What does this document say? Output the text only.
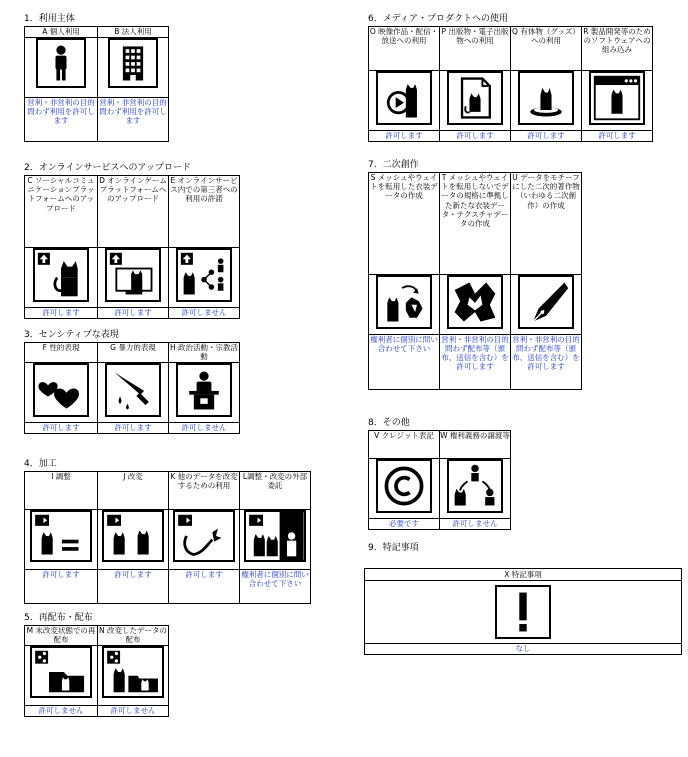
1．利用主体
A 個人利用	B 法人利用

営利・非営利の目的問わず利用を許可します	営利・非営利の目的問わず利用を許可します
2．オンラインサービスへのアップロード
C ソーシャルコミュニケーションプラットフォームへのアップロード	D オンラインゲームプラットフォームへのアップロード	E オンラインサービス内での第三者への利用の許諾

許可します	許可します	許可しません
3．センシティブな表現
F 性的表現	G 暴力的表現	H 政治活動・宗教活動

許可します	許可します	許可しません
4．加工
I 調整	J 改変	K 他のデータを改変するための利用	L調整・改変の外部委託

許可します	許可します	許可します	権利者に個別に問い合わせて下さい
5．再配布・配布
M 未改変状態での再配布	N 改変したデータの配布

許可しません	許可しません
6．メディア・プロダクトへの使用
O 映像作品・配信・放送への利用	P 出版物・電子出版物への利用	Q 有体物（グッズ）への利用	R 製品開発等のためのソフトウェアへの組み込み

許可します	許可します	許可します	許可します
7．二次創作
S メッシュやウェイトを転用した衣装データの作成	T メッシュやウェイトを転用しないでデータの規格に準拠した新たな衣装データ・テクスチャデータの作成	U データをモチーフにした二次的著作物（いわゆる二次創作）の作成

権利者に個別に問い合わせて下さい	営利・非営利の目的問わず配布等（頒布、送信を含む）を許可します	営利・非営利の目的問わず配布等（頒布、送信を含む）を許可します
8．その他
V クレジット表記	W 権利義務の譲渡等

必要です	許可しません
9．特記事項
X 特記事項
なし
